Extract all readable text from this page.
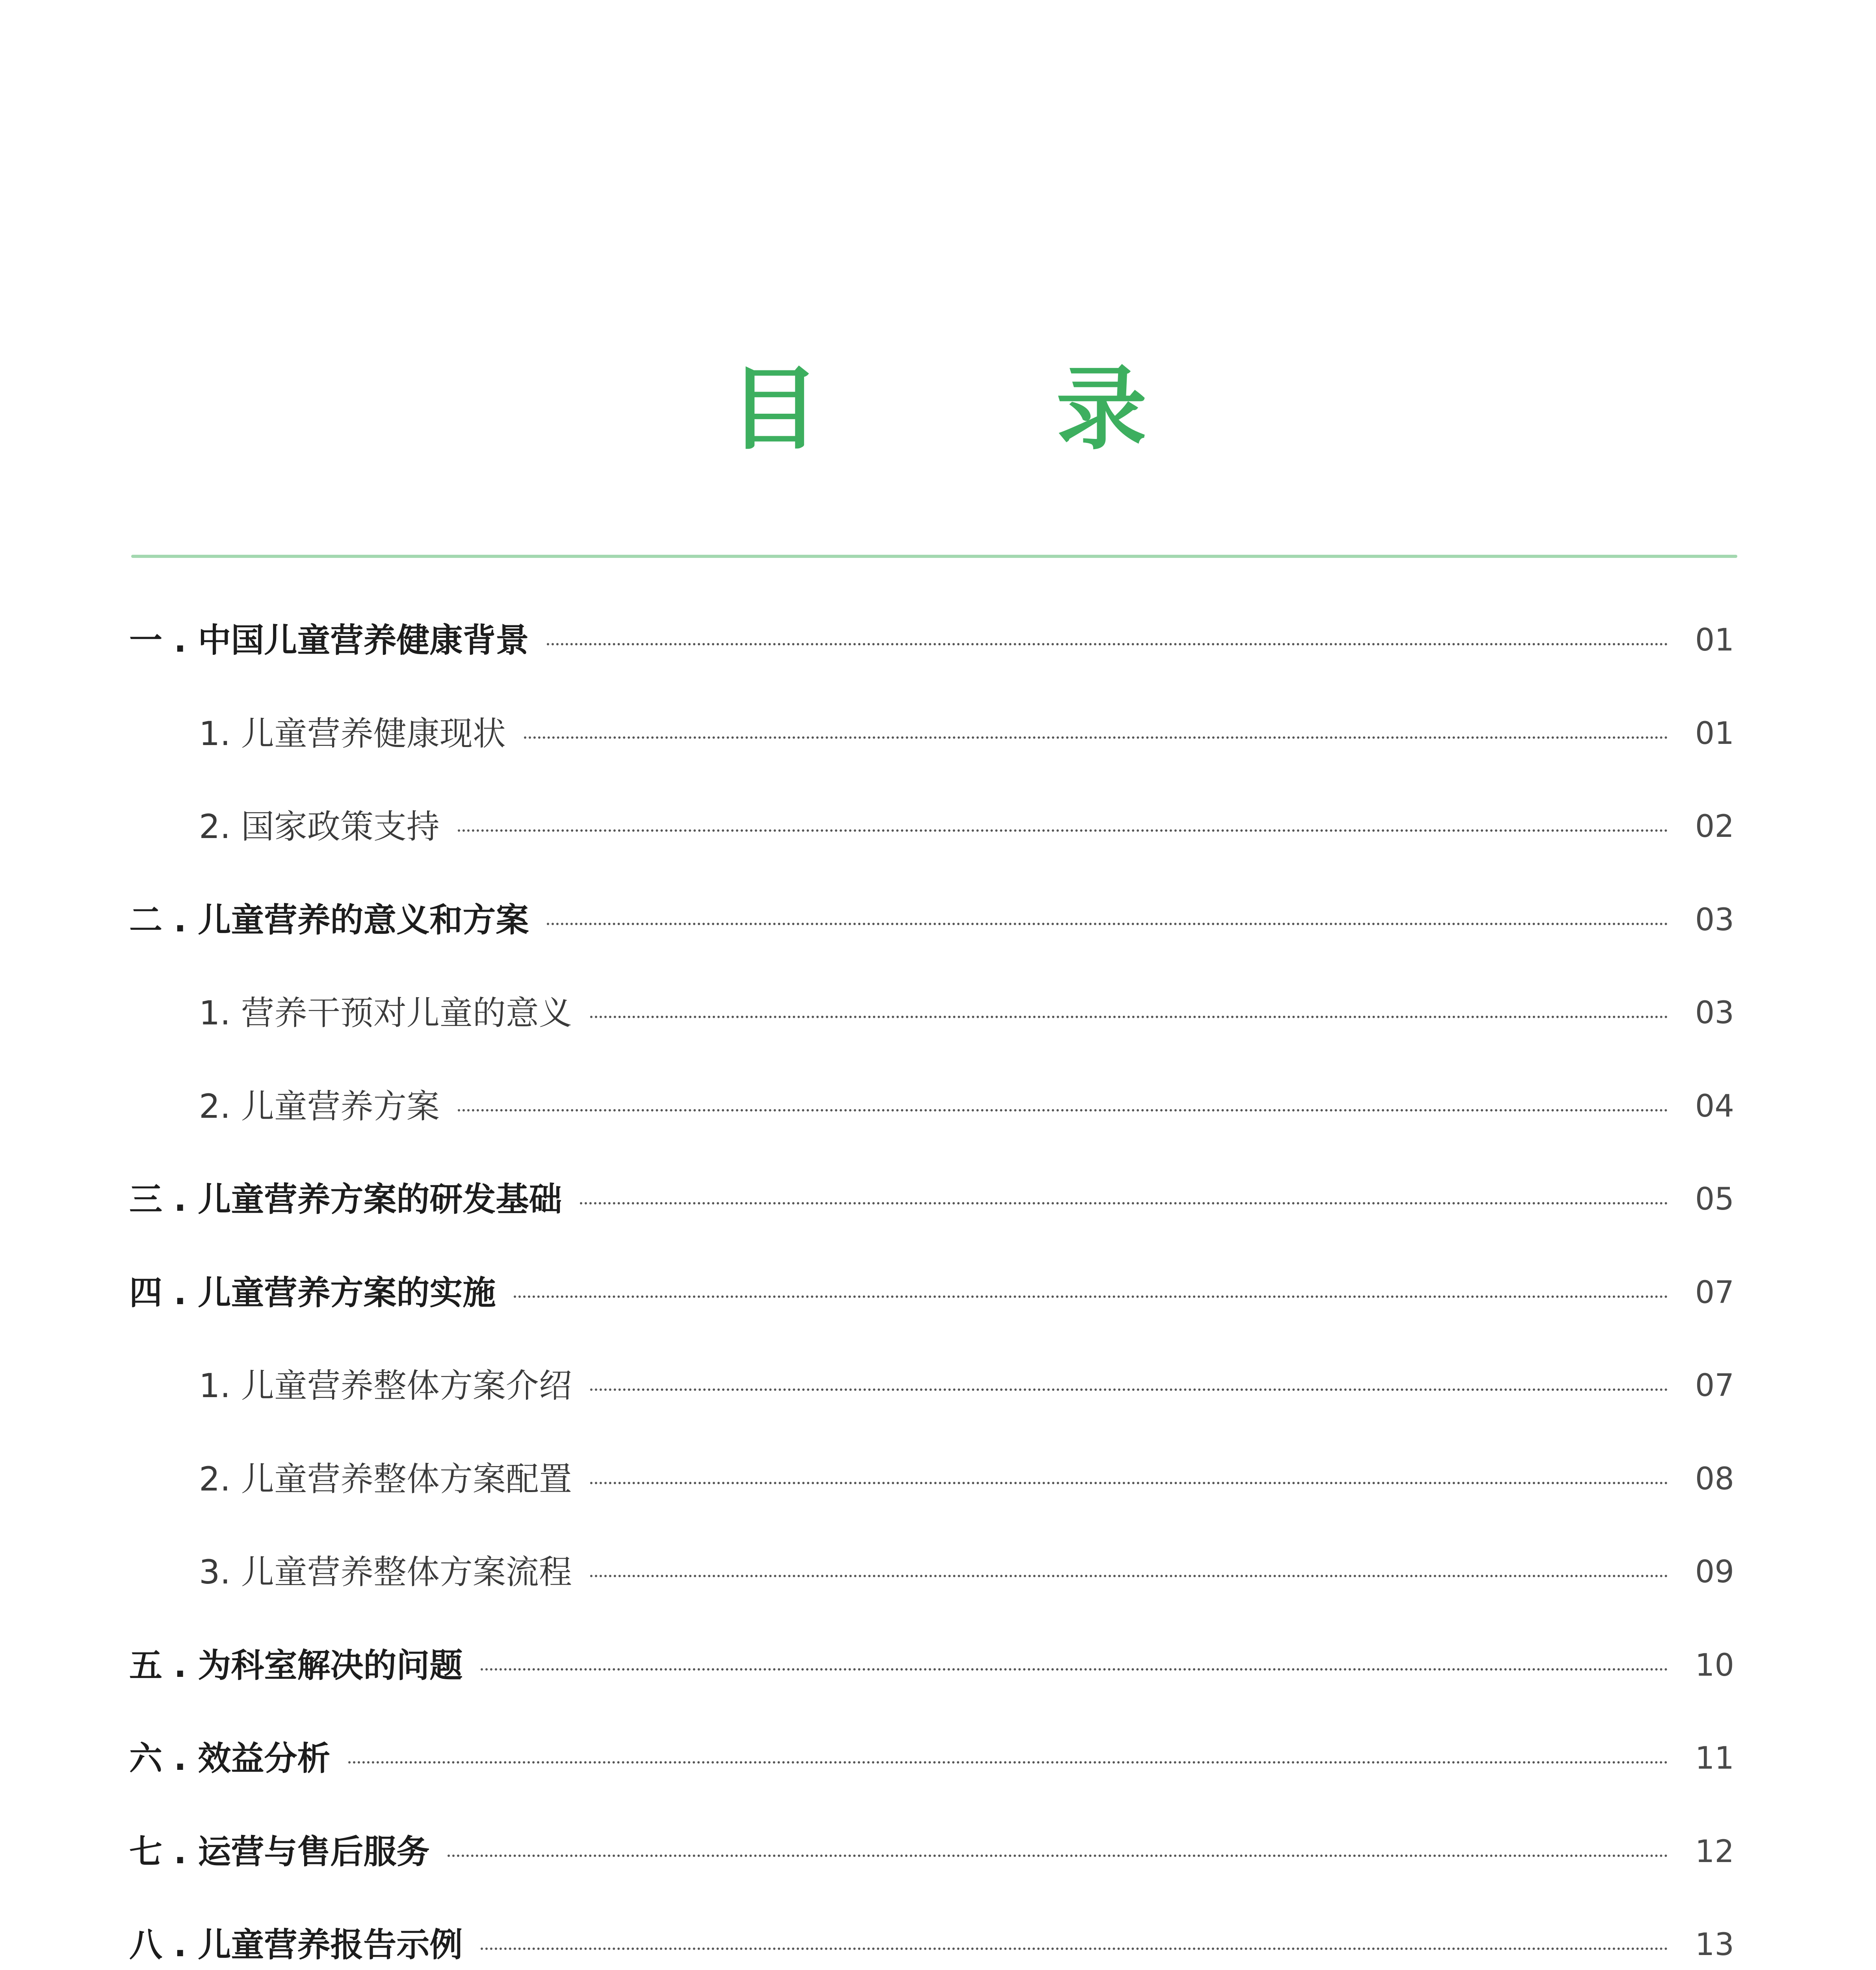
目 录
一 . 中国儿童营养健康背景	01
1. 儿童营养健康现状	01
2. 国家政策支持	02
二 . 儿童营养的意义和方案	03
1. 营养干预对儿童的意义	03
2. 儿童营养方案	04
三 . 儿童营养方案的研发基础	05
四 . 儿童营养方案的实施	07
1. 儿童营养整体方案介绍	07
2. 儿童营养整体方案配置	08
3. 儿童营养整体方案流程	09
五 . 为科室解决的问题	10
六 . 效益分析	11
七 . 运营与售后服务	12
八 . 儿童营养报告示例	13
